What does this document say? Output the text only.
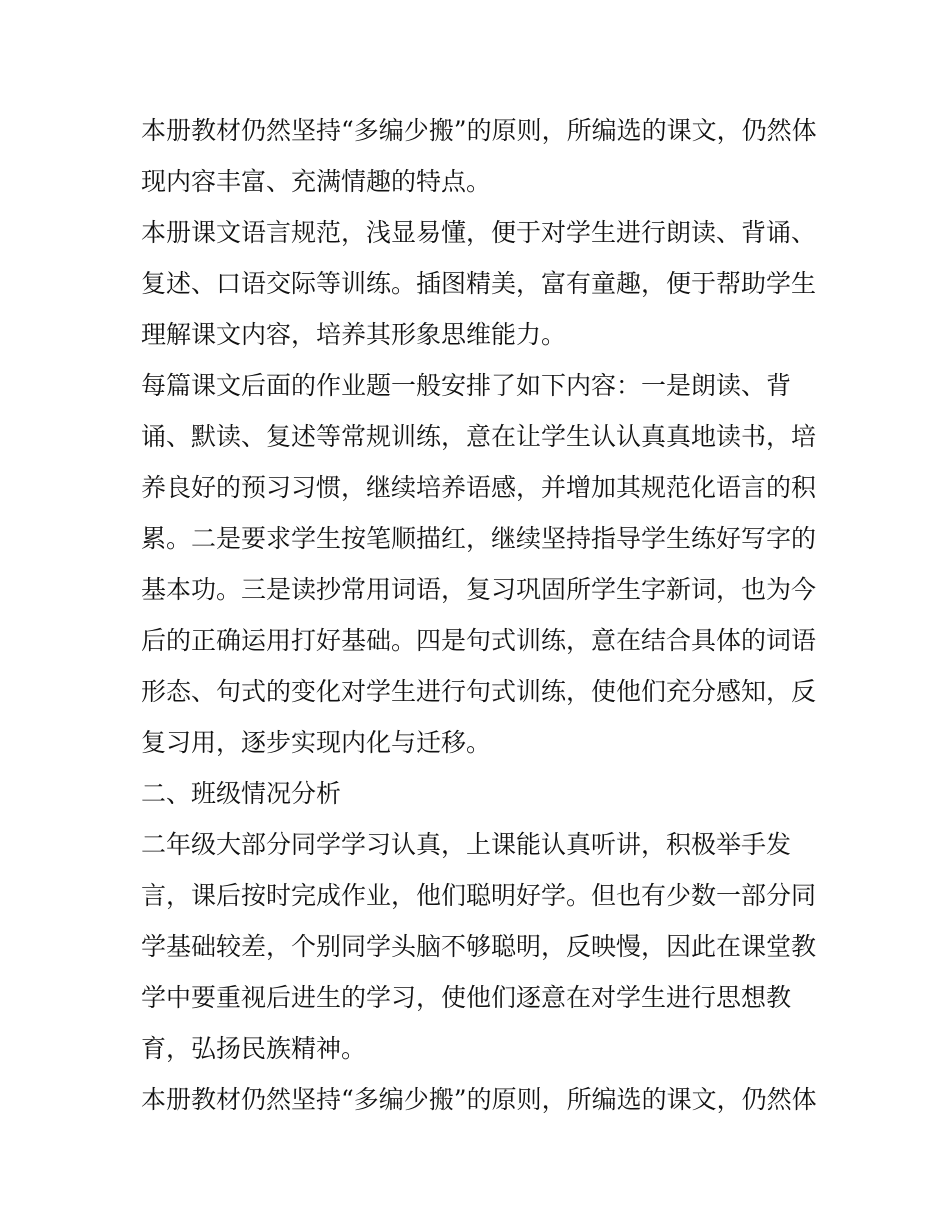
本册教材仍然坚持“多编少搬”的原则，所编选的课文，仍然体
现内容丰富、充满情趣的特点。
本册课文语言规范，浅显易懂，便于对学生进行朗读、背诵、
复述、口语交际等训练。插图精美，富有童趣，便于帮助学生
理解课文内容，培养其形象思维能力。
每篇课文后面的作业题一般安排了如下内容：一是朗读、背
诵、默读、复述等常规训练，意在让学生认认真真地读书，培
养良好的预习习惯，继续培养语感，并增加其规范化语言的积
累。二是要求学生按笔顺描红，继续坚持指导学生练好写字的
基本功。三是读抄常用词语，复习巩固所学生字新词，也为今
后的正确运用打好基础。四是句式训练，意在结合具体的词语
形态、句式的变化对学生进行句式训练，使他们充分感知，反
复习用，逐步实现内化与迁移。
二、班级情况分析
二年级大部分同学学习认真，上课能认真听讲，积极举手发
言，课后按时完成作业，他们聪明好学。但也有少数一部分同
学基础较差，个别同学头脑不够聪明，反映慢，因此在课堂教
学中要重视后进生的学习，使他们逐意在对学生进行思想教
育，弘扬民族精神。
本册教材仍然坚持“多编少搬”的原则，所编选的课文，仍然体
